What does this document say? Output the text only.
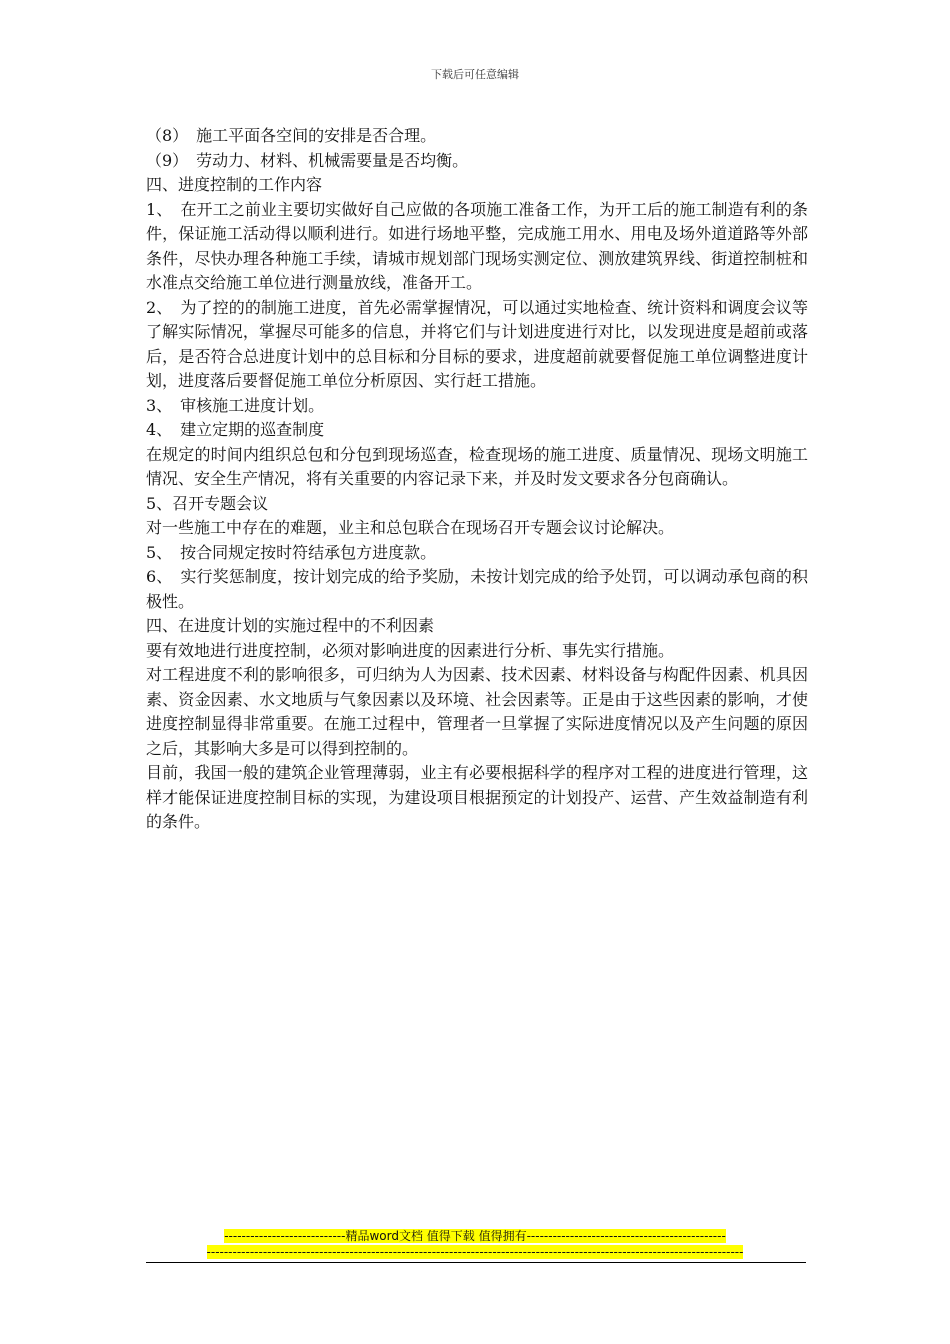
下载后可任意编辑

（8）　施工平面各空间的安排是否合理。

（9）　劳动力、材料、机械需要量是否均衡。

四、进度控制的工作内容

1、　在开工之前业主要切实做好自己应做的各项施工准备工作，为开工后的施工制造有利的条件，保证施工活动得以顺利进行。如进行场地平整，完成施工用水、用电及场外道道路等外部条件，尽快办理各种施工手续，请城市规划部门现场实测定位、测放建筑界线、街道控制桩和水准点交给施工单位进行测量放线，准备开工。

2、　为了控的的制施工进度，首先必需掌握情况，可以通过实地检查、统计资料和调度会议等了解实际情况，掌握尽可能多的信息，并将它们与计划进度进行对比，以发现进度是超前或落后，是否符合总进度计划中的总目标和分目标的要求，进度超前就要督促施工单位调整进度计划，进度落后要督促施工单位分析原因、实行赶工措施。

3、　审核施工进度计划。

4、　建立定期的巡查制度

在规定的时间内组织总包和分包到现场巡查，检查现场的施工进度、质量情况、现场文明施工情况、安全生产情况，将有关重要的内容记录下来，并及时发文要求各分包商确认。

5、召开专题会议

对一些施工中存在的难题，业主和总包联合在现场召开专题会议讨论解决。

5、　按合同规定按时符结承包方进度款。

6、　实行奖惩制度，按计划完成的给予奖励，未按计划完成的给予处罚，可以调动承包商的积极性。

四、在进度计划的实施过程中的不利因素

要有效地进行进度控制，必须对影响进度的因素进行分析、事先实行措施。

对工程进度不利的影响很多，可归纳为人为因素、技术因素、材料设备与构配件因素、机具因素、资金因素、水文地质与气象因素以及环境、社会因素等。正是由于这些因素的影响，才使进度控制显得非常重要。在施工过程中，管理者一旦掌握了实际进度情况以及产生问题的原因之后，其影响大多是可以得到控制的。

目前，我国一般的建筑企业管理薄弱，业主有必要根据科学的程序对工程的进度进行管理，这样才能保证进度控制目标的实现，为建设项目根据预定的计划投产、运营、产生效益制造有利的条件。

----------------------------精品word文档 值得下载 值得拥有----------------------------------------------
----------------------------------------------------------------------------------------------------------------------------
